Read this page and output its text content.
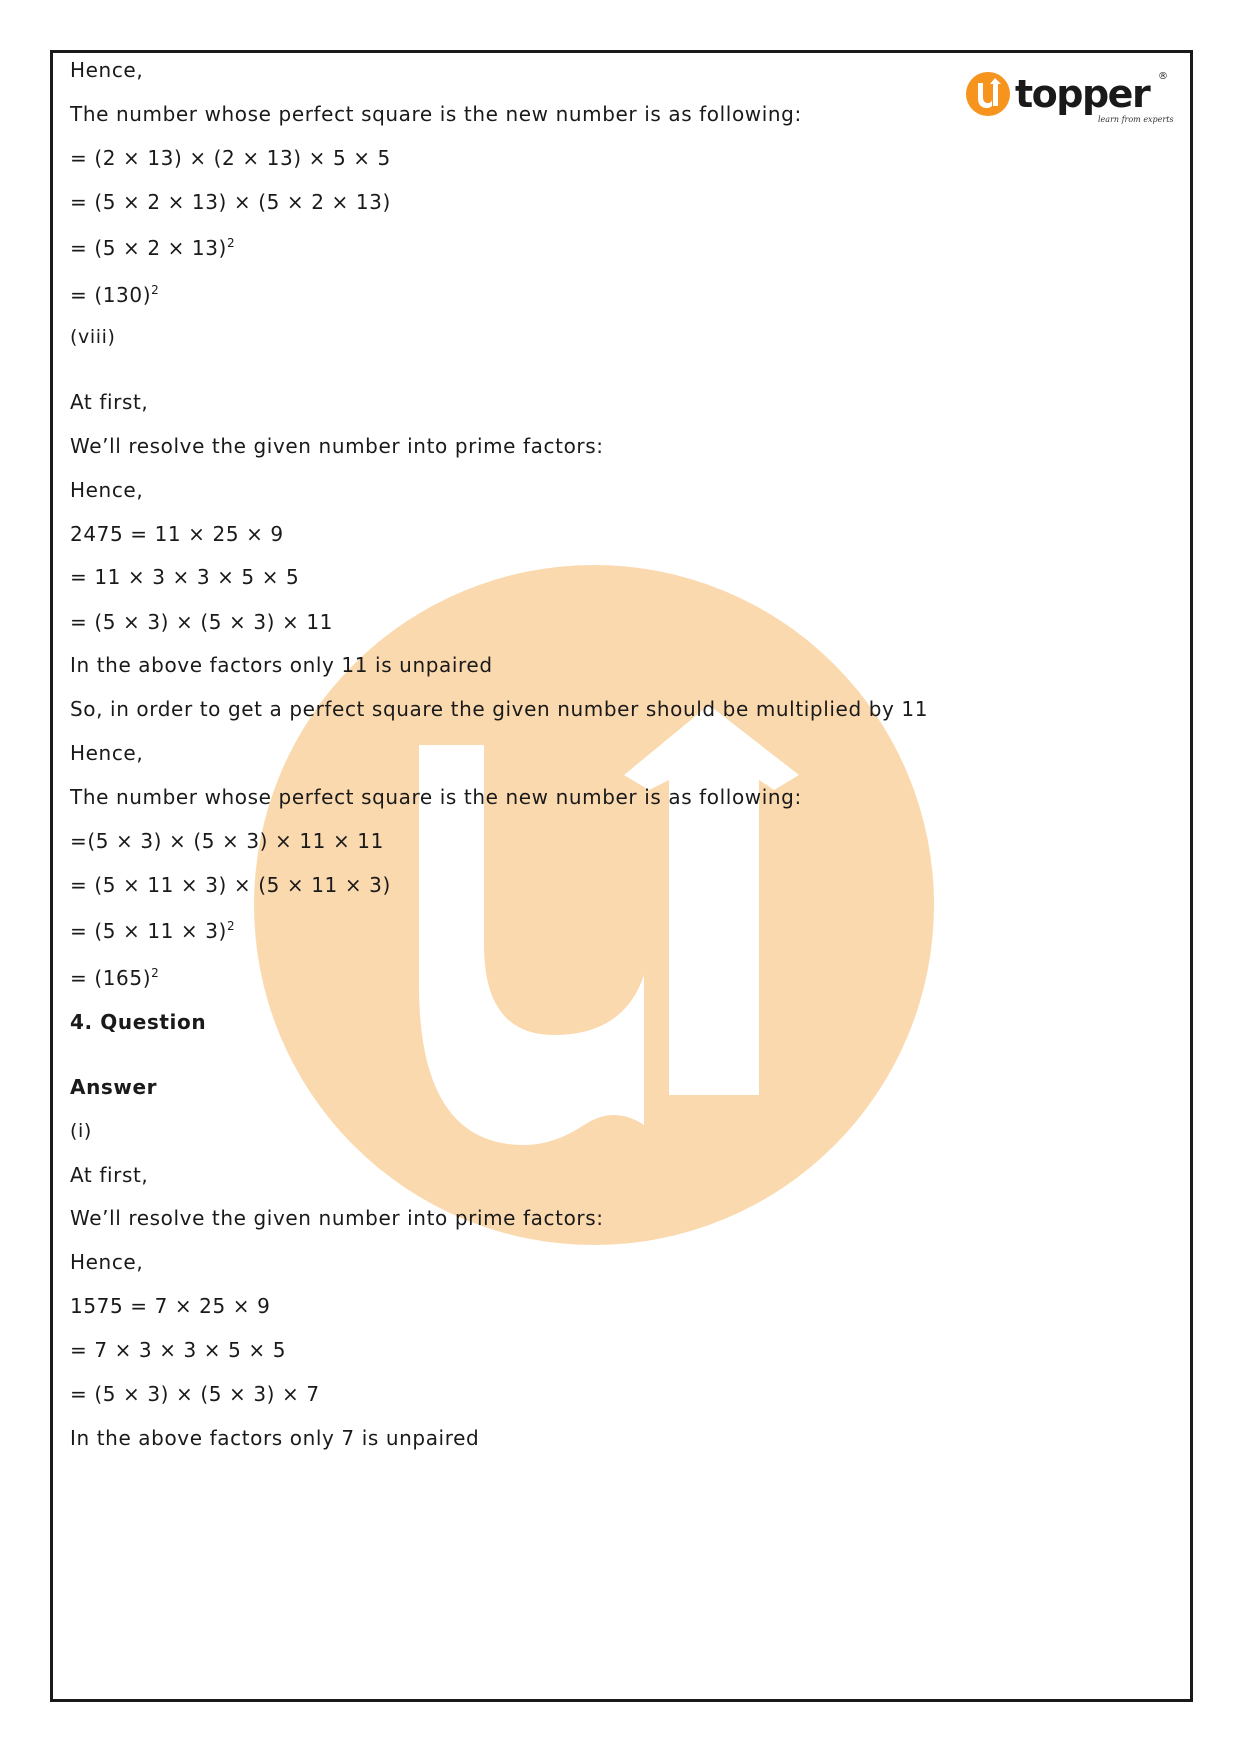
topper ®
learn from experts
Hence,
The number whose perfect square is the new number is as following:
= (2 × 13) × (2 × 13) × 5 × 5
= (5 × 2 × 13) × (5 × 2 × 13)
= $(5 \times 2 \times 13)^2$
= $(130)^2$
(viii)
At first,
We’ll resolve the given number into prime factors:
Hence,
2475 = 11 × 25 × 9
= 11 × 3 × 3 × 5 × 5
= (5 × 3) × (5 × 3) × 11
In the above factors only 11 is unpaired
So, in order to get a perfect square the given number should be multiplied by 11
Hence,
The number whose perfect square is the new number is as following:
=(5 × 3) × (5 × 3) × 11 × 11
= (5 × 11 × 3) × (5 × 11 × 3)
= $(5 \times 11 \times 3)^2$
= $(165)^2$
4. Question
Answer
(i)
At first,
We’ll resolve the given number into prime factors:
Hence,
1575 = 7 × 25 × 9
= 7 × 3 × 3 × 5 × 5
= (5 × 3) × (5 × 3) × 7
In the above factors only 7 is unpaired
